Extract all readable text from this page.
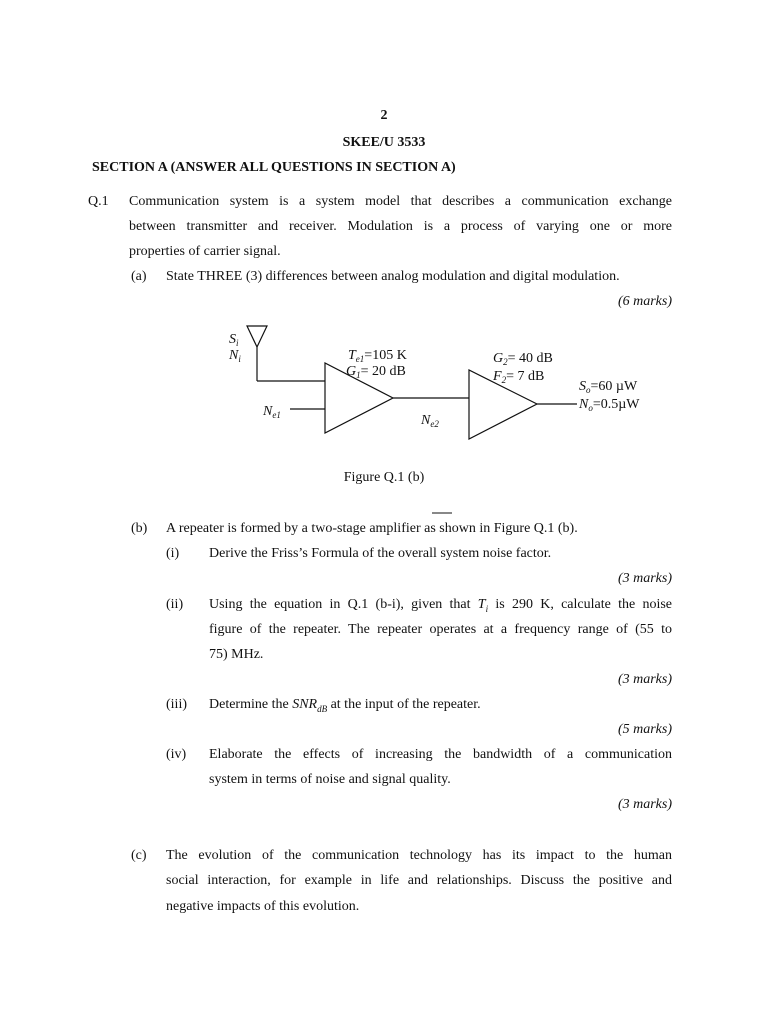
2
SKEE/U 3533
SECTION A (ANSWER ALL QUESTIONS IN SECTION A)
Q.1 Communication system is a system model that describes a communication exchange
between transmitter and receiver. Modulation is a process of varying one or more
properties of carrier signal.
(a) State THREE (3) differences between analog modulation and digital modulation.
(6 marks)
$S_i$
$N_i$	$T_{e1}=105$ K
$G_1= 20$ dB
$N_{e1}$	$N_{e2}$
$G_2= 40$ dB
$F_2= 7$ dB
$S_o=60$ µW
$N_o=0.5\mu W$
Figure Q.1 (b)
(b) A repeater is formed by a two-stage amplifier as shown in Figure Q.1 (b).
(i) Derive the Friss’s Formula of the overall system noise factor.
(3 marks)
(ii) Using the equation in Q.1 (b-i), given that $T_i$ is 290 K, calculate the noise
figure of the repeater. The repeater operates at a frequency range of (55 to
75) MHz.
(3 marks)
(iii) Determine the $SNR_{dB}$ at the input of the repeater.
(5 marks)
(iv) Elaborate the effects of increasing the bandwidth of a communication
system in terms of noise and signal quality.
(3 marks)
(c) The evolution of the communication technology has its impact to the human
social interaction, for example in life and relationships. Discuss the positive and
negative impacts of this evolution.
